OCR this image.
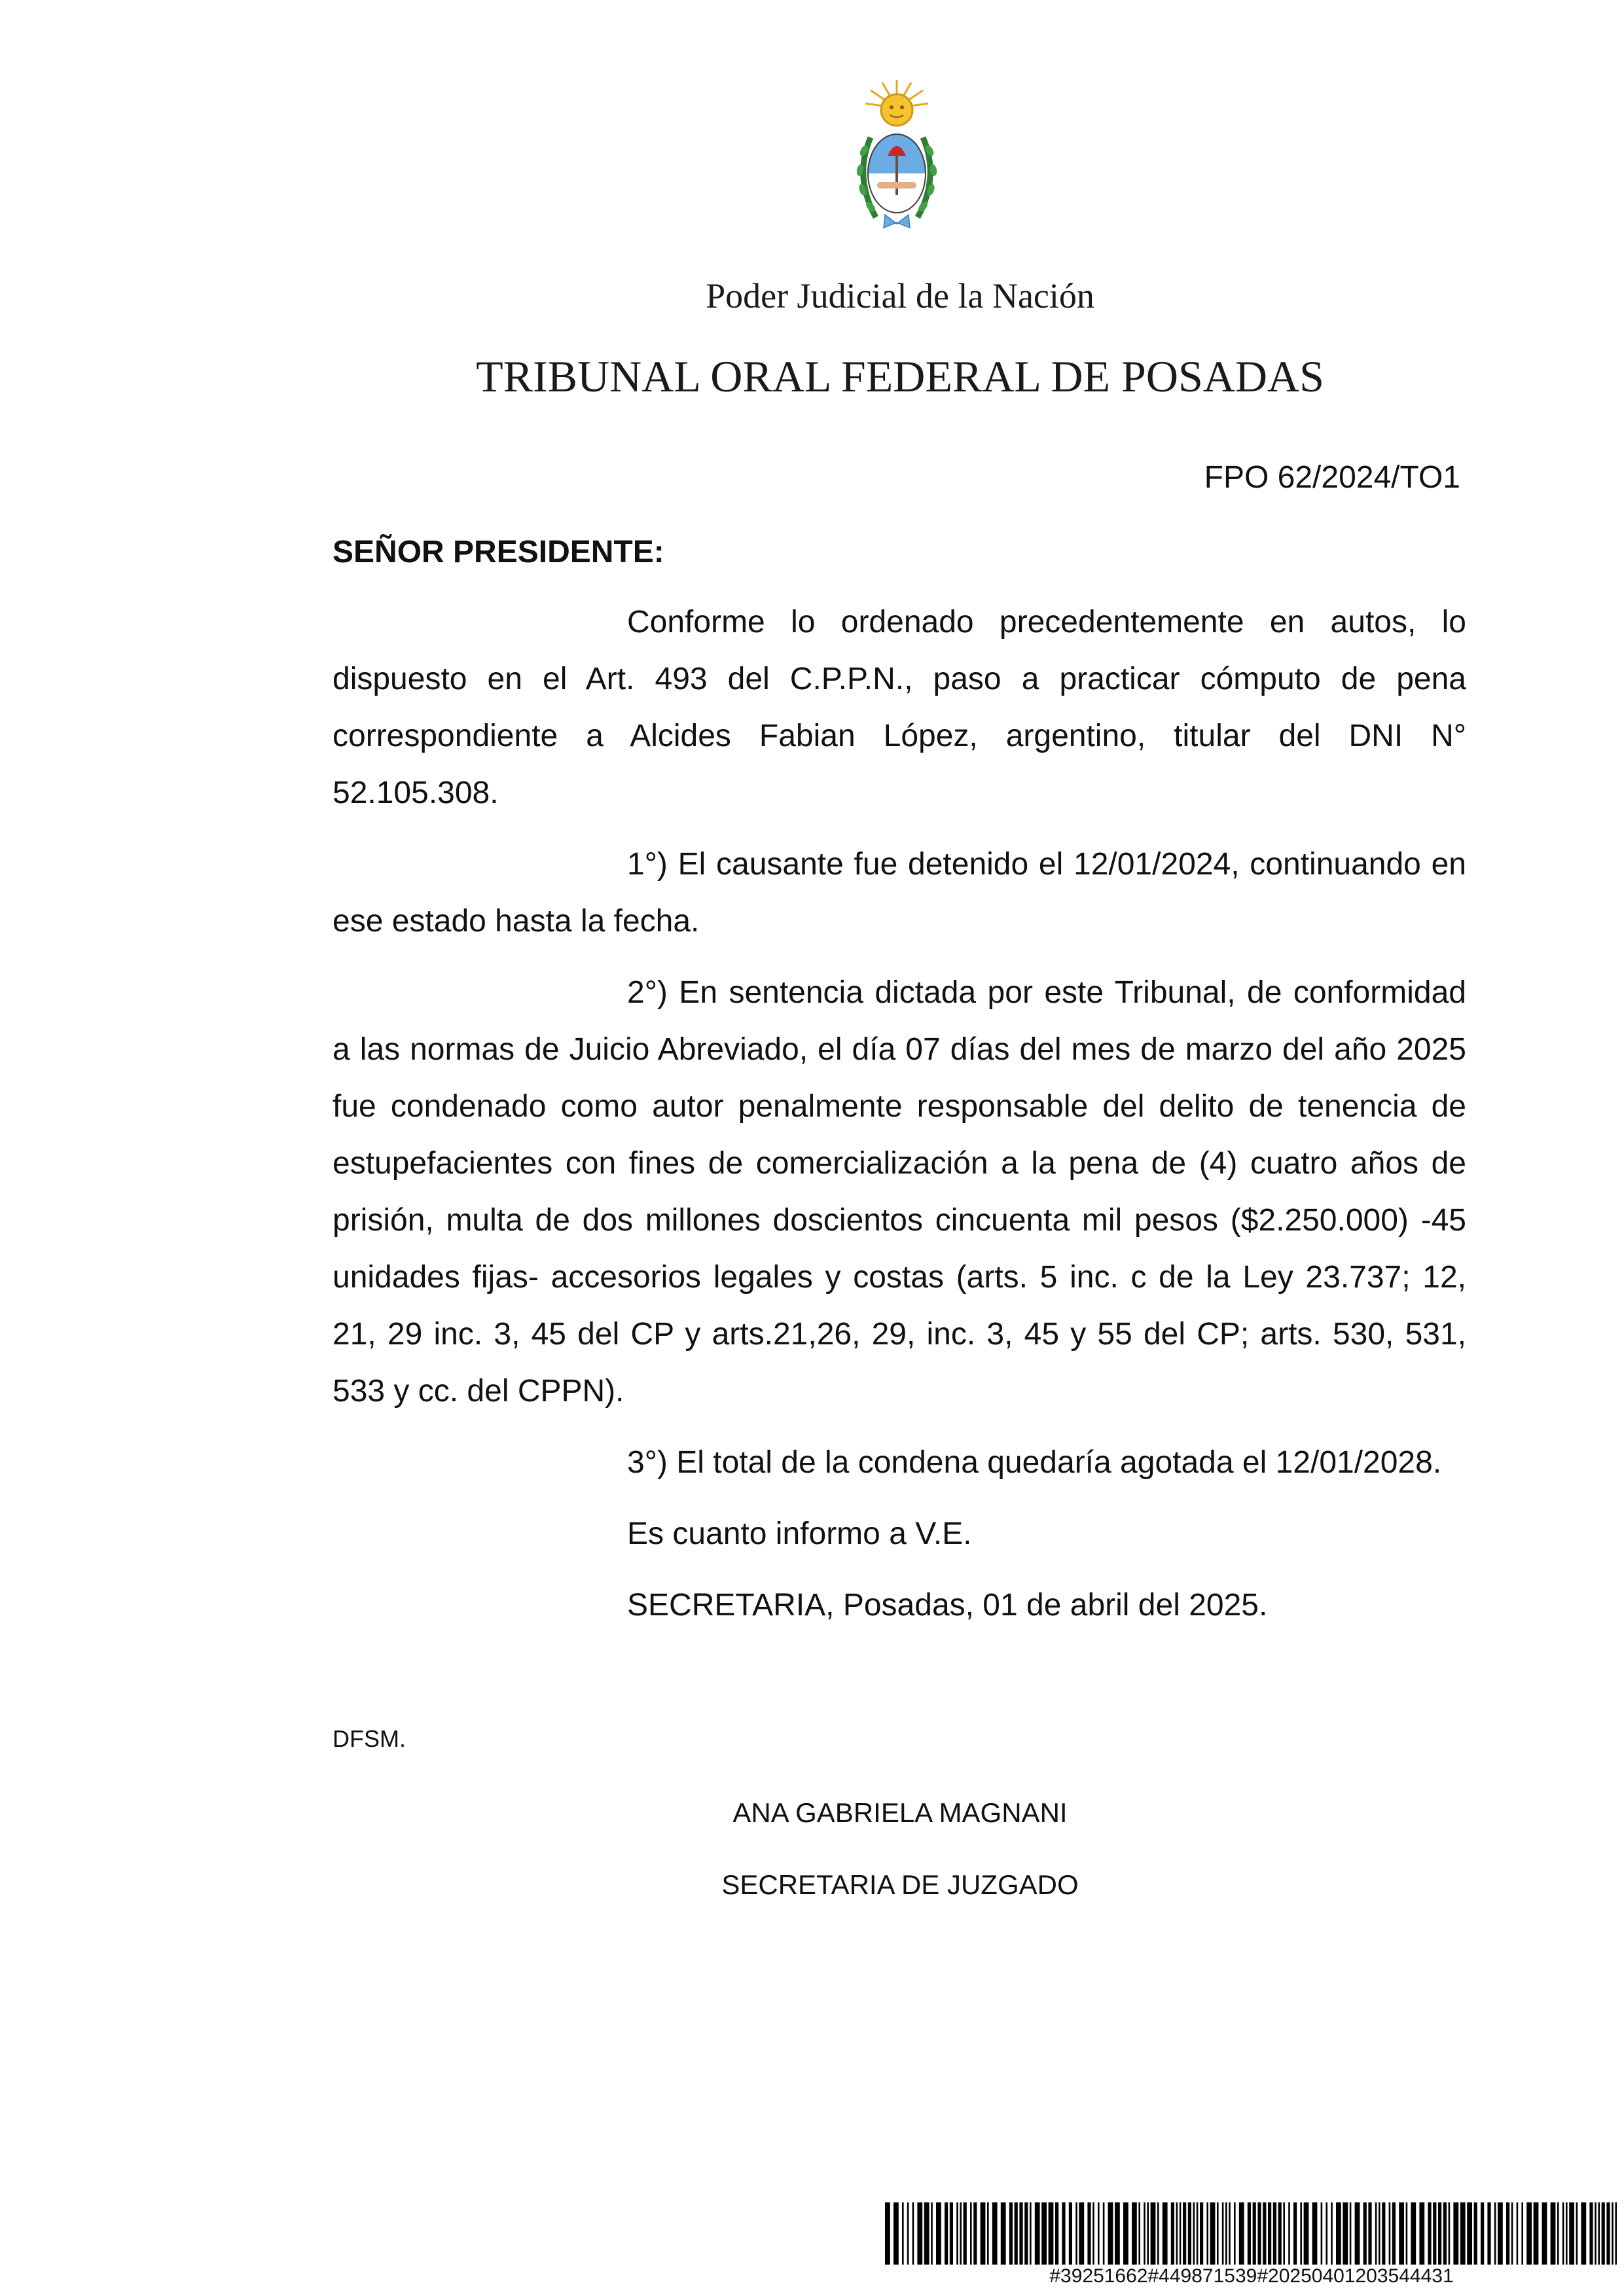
Poder Judicial de la Nación
TRIBUNAL ORAL FEDERAL DE POSADAS
FPO 62/2024/TO1

SEÑOR PRESIDENTE:

Conforme lo ordenado precedentemente en autos, lo dispuesto en el Art. 493 del C.P.P.N., paso a practicar cómputo de pena correspondiente a Alcides Fabian López, argentino, titular del DNI N° 52.105.308.

1°) El causante fue detenido el 12/01/2024, continuando en ese estado hasta la fecha.

2°) En sentencia dictada por este Tribunal, de conformidad a las normas de Juicio Abreviado, el día 07 días del mes de marzo del año 2025 fue condenado como autor penalmente responsable del delito de tenencia de estupefacientes con fines de comercialización a la pena de (4) cuatro años de prisión, multa de dos millones doscientos cincuenta mil pesos ($2.250.000) -45 unidades fijas- accesorios legales y costas (arts. 5 inc. c de la Ley 23.737; 12, 21, 29 inc. 3, 45 del CP y arts.21,26, 29, inc. 3, 45 y 55 del CP; arts. 530, 531, 533 y cc. del CPPN).

3°) El total de la condena quedaría agotada el 12/01/2028.

Es cuanto informo a V.E.

SECRETARIA, Posadas, 01 de abril del 2025.

DFSM.
ANA GABRIELA MAGNANI
SECRETARIA DE JUZGADO
#39251662#449871539#20250401203544431
